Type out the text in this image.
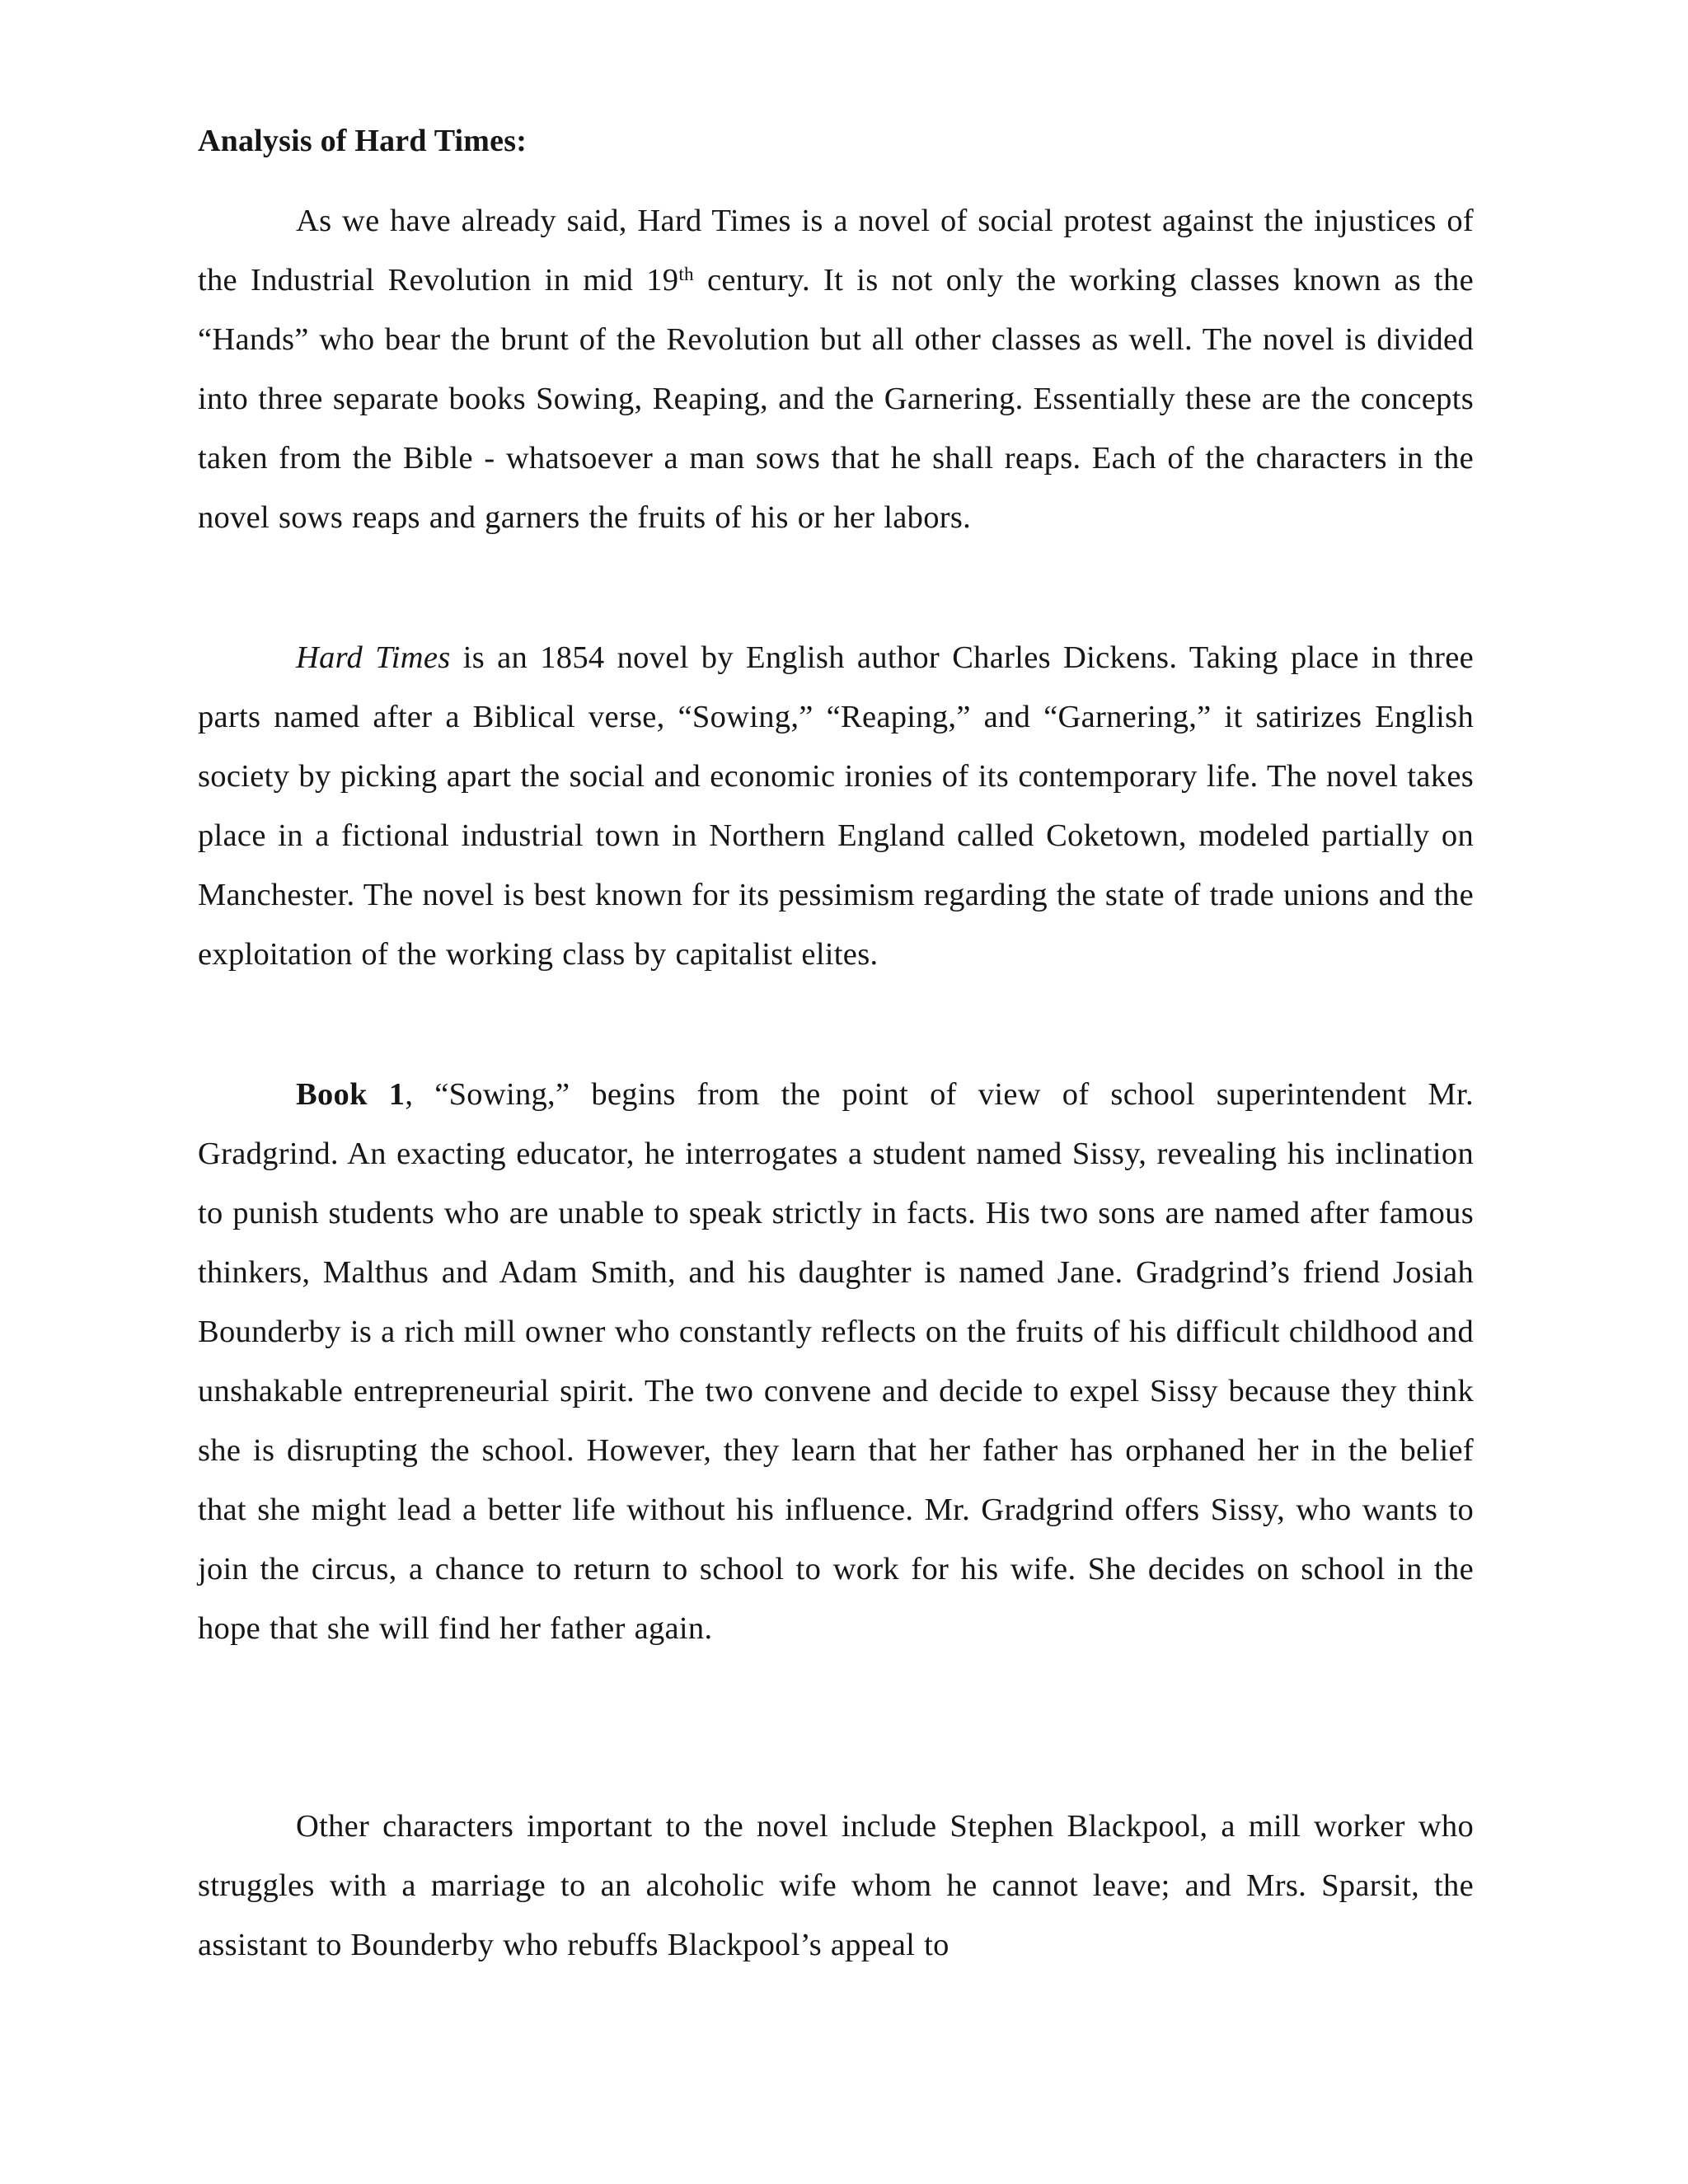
Analysis of Hard Times:

As we have already said, Hard Times is a novel of social protest against the injustices of the Industrial Revolution in mid 19th century. It is not only the working classes known as the “Hands” who bear the brunt of the Revolution but all other classes as well. The novel is divided into three separate books Sowing, Reaping, and the Garnering. Essentially these are the concepts taken from the Bible - whatsoever a man sows that he shall reaps. Each of the characters in the novel sows reaps and garners the fruits of his or her labors.

Hard Times is an 1854 novel by English author Charles Dickens. Taking place in three parts named after a Biblical verse, “Sowing,” “Reaping,” and “Garnering,” it satirizes English society by picking apart the social and economic ironies of its contemporary life. The novel takes place in a fictional industrial town in Northern England called Coketown, modeled partially on Manchester. The novel is best known for its pessimism regarding the state of trade unions and the exploitation of the working class by capitalist elites.

Book 1, “Sowing,” begins from the point of view of school superintendent Mr. Gradgrind. An exacting educator, he interrogates a student named Sissy, revealing his inclination to punish students who are unable to speak strictly in facts. His two sons are named after famous thinkers, Malthus and Adam Smith, and his daughter is named Jane. Gradgrind’s friend Josiah Bounderby is a rich mill owner who constantly reflects on the fruits of his difficult childhood and unshakable entrepreneurial spirit. The two convene and decide to expel Sissy because they think she is disrupting the school. However, they learn that her father has orphaned her in the belief that she might lead a better life without his influence. Mr. Gradgrind offers Sissy, who wants to join the circus, a chance to return to school to work for his wife. She decides on school in the hope that she will find her father again.

Other characters important to the novel include Stephen Blackpool, a mill worker who struggles with a marriage to an alcoholic wife whom he cannot leave; and Mrs. Sparsit, the assistant to Bounderby who rebuffs Blackpool’s appeal to
